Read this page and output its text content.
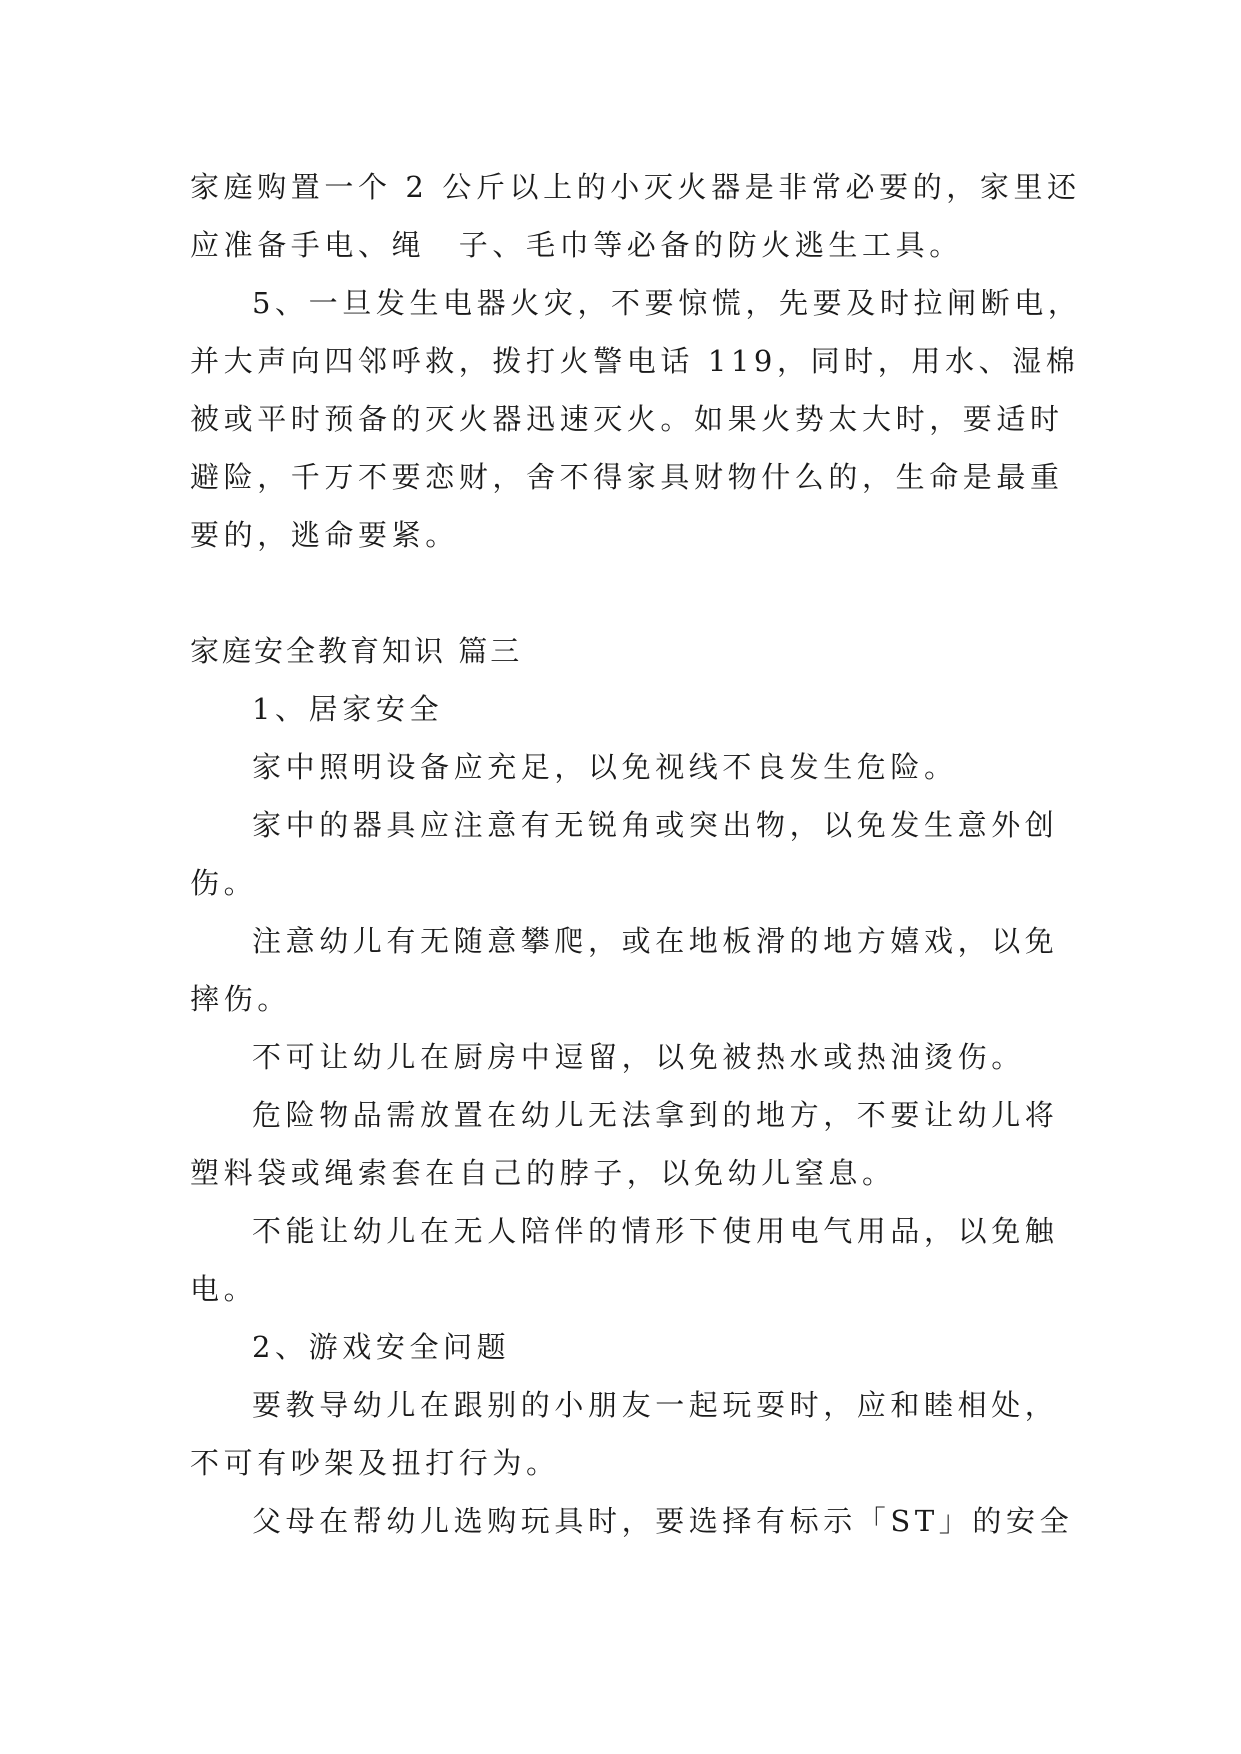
家庭购置一个 2 公斤以上的小灭火器是非常必要的，家里还
应准备手电、绳　子、毛巾等必备的防火逃生工具。
5、一旦发生电器火灾，不要惊慌，先要及时拉闸断电，
并大声向四邻呼救，拨打火警电话 119，同时，用水、湿棉
被或平时预备的灭火器迅速灭火。如果火势太大时，要适时
避险，千万不要恋财，舍不得家具财物什么的，生命是最重
要的，逃命要紧。
家庭安全教育知识 篇三
1、居家安全
家中照明设备应充足，以免视线不良发生危险。
家中的器具应注意有无锐角或突出物，以免发生意外创
伤。
注意幼儿有无随意攀爬，或在地板滑的地方嬉戏，以免
摔伤。
不可让幼儿在厨房中逗留，以免被热水或热油烫伤。
危险物品需放置在幼儿无法拿到的地方，不要让幼儿将
塑料袋或绳索套在自己的脖子，以免幼儿窒息。
不能让幼儿在无人陪伴的情形下使用电气用品，以免触
电。
2、游戏安全问题
要教导幼儿在跟别的小朋友一起玩耍时，应和睦相处，
不可有吵架及扭打行为。
父母在帮幼儿选购玩具时，要选择有标示「ST」的安全
